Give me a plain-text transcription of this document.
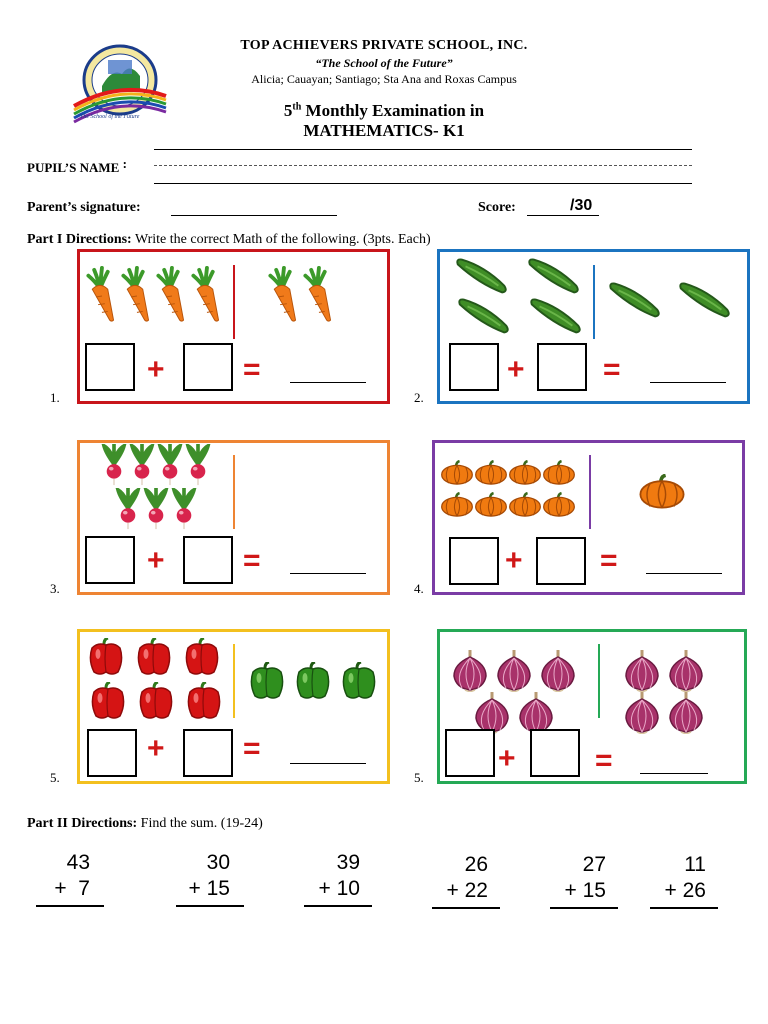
The School of the Future
TOP ACHIEVERS PRIVATE SCHOOL, INC.
“The School of the Future”
Alicia; Cauayan; Santiago; Sta Ana and Roxas Campus
5th Monthly Examination in
MATHEMATICS- K1
PUPIL’S NAME :
Parent’s signature:	Score:	/30
Part I Directions: Write the correct Math of the following. (3pts. Each)
+	=
1.
+	=
2.
+	=
3.
+	=
4.
+	=
5.
+	=
5.
Part II Directions: Find the sum. (19-24)
43
+  7
30
+ 15
39
+ 10
26
+ 22
27
+ 15
11
+ 26
